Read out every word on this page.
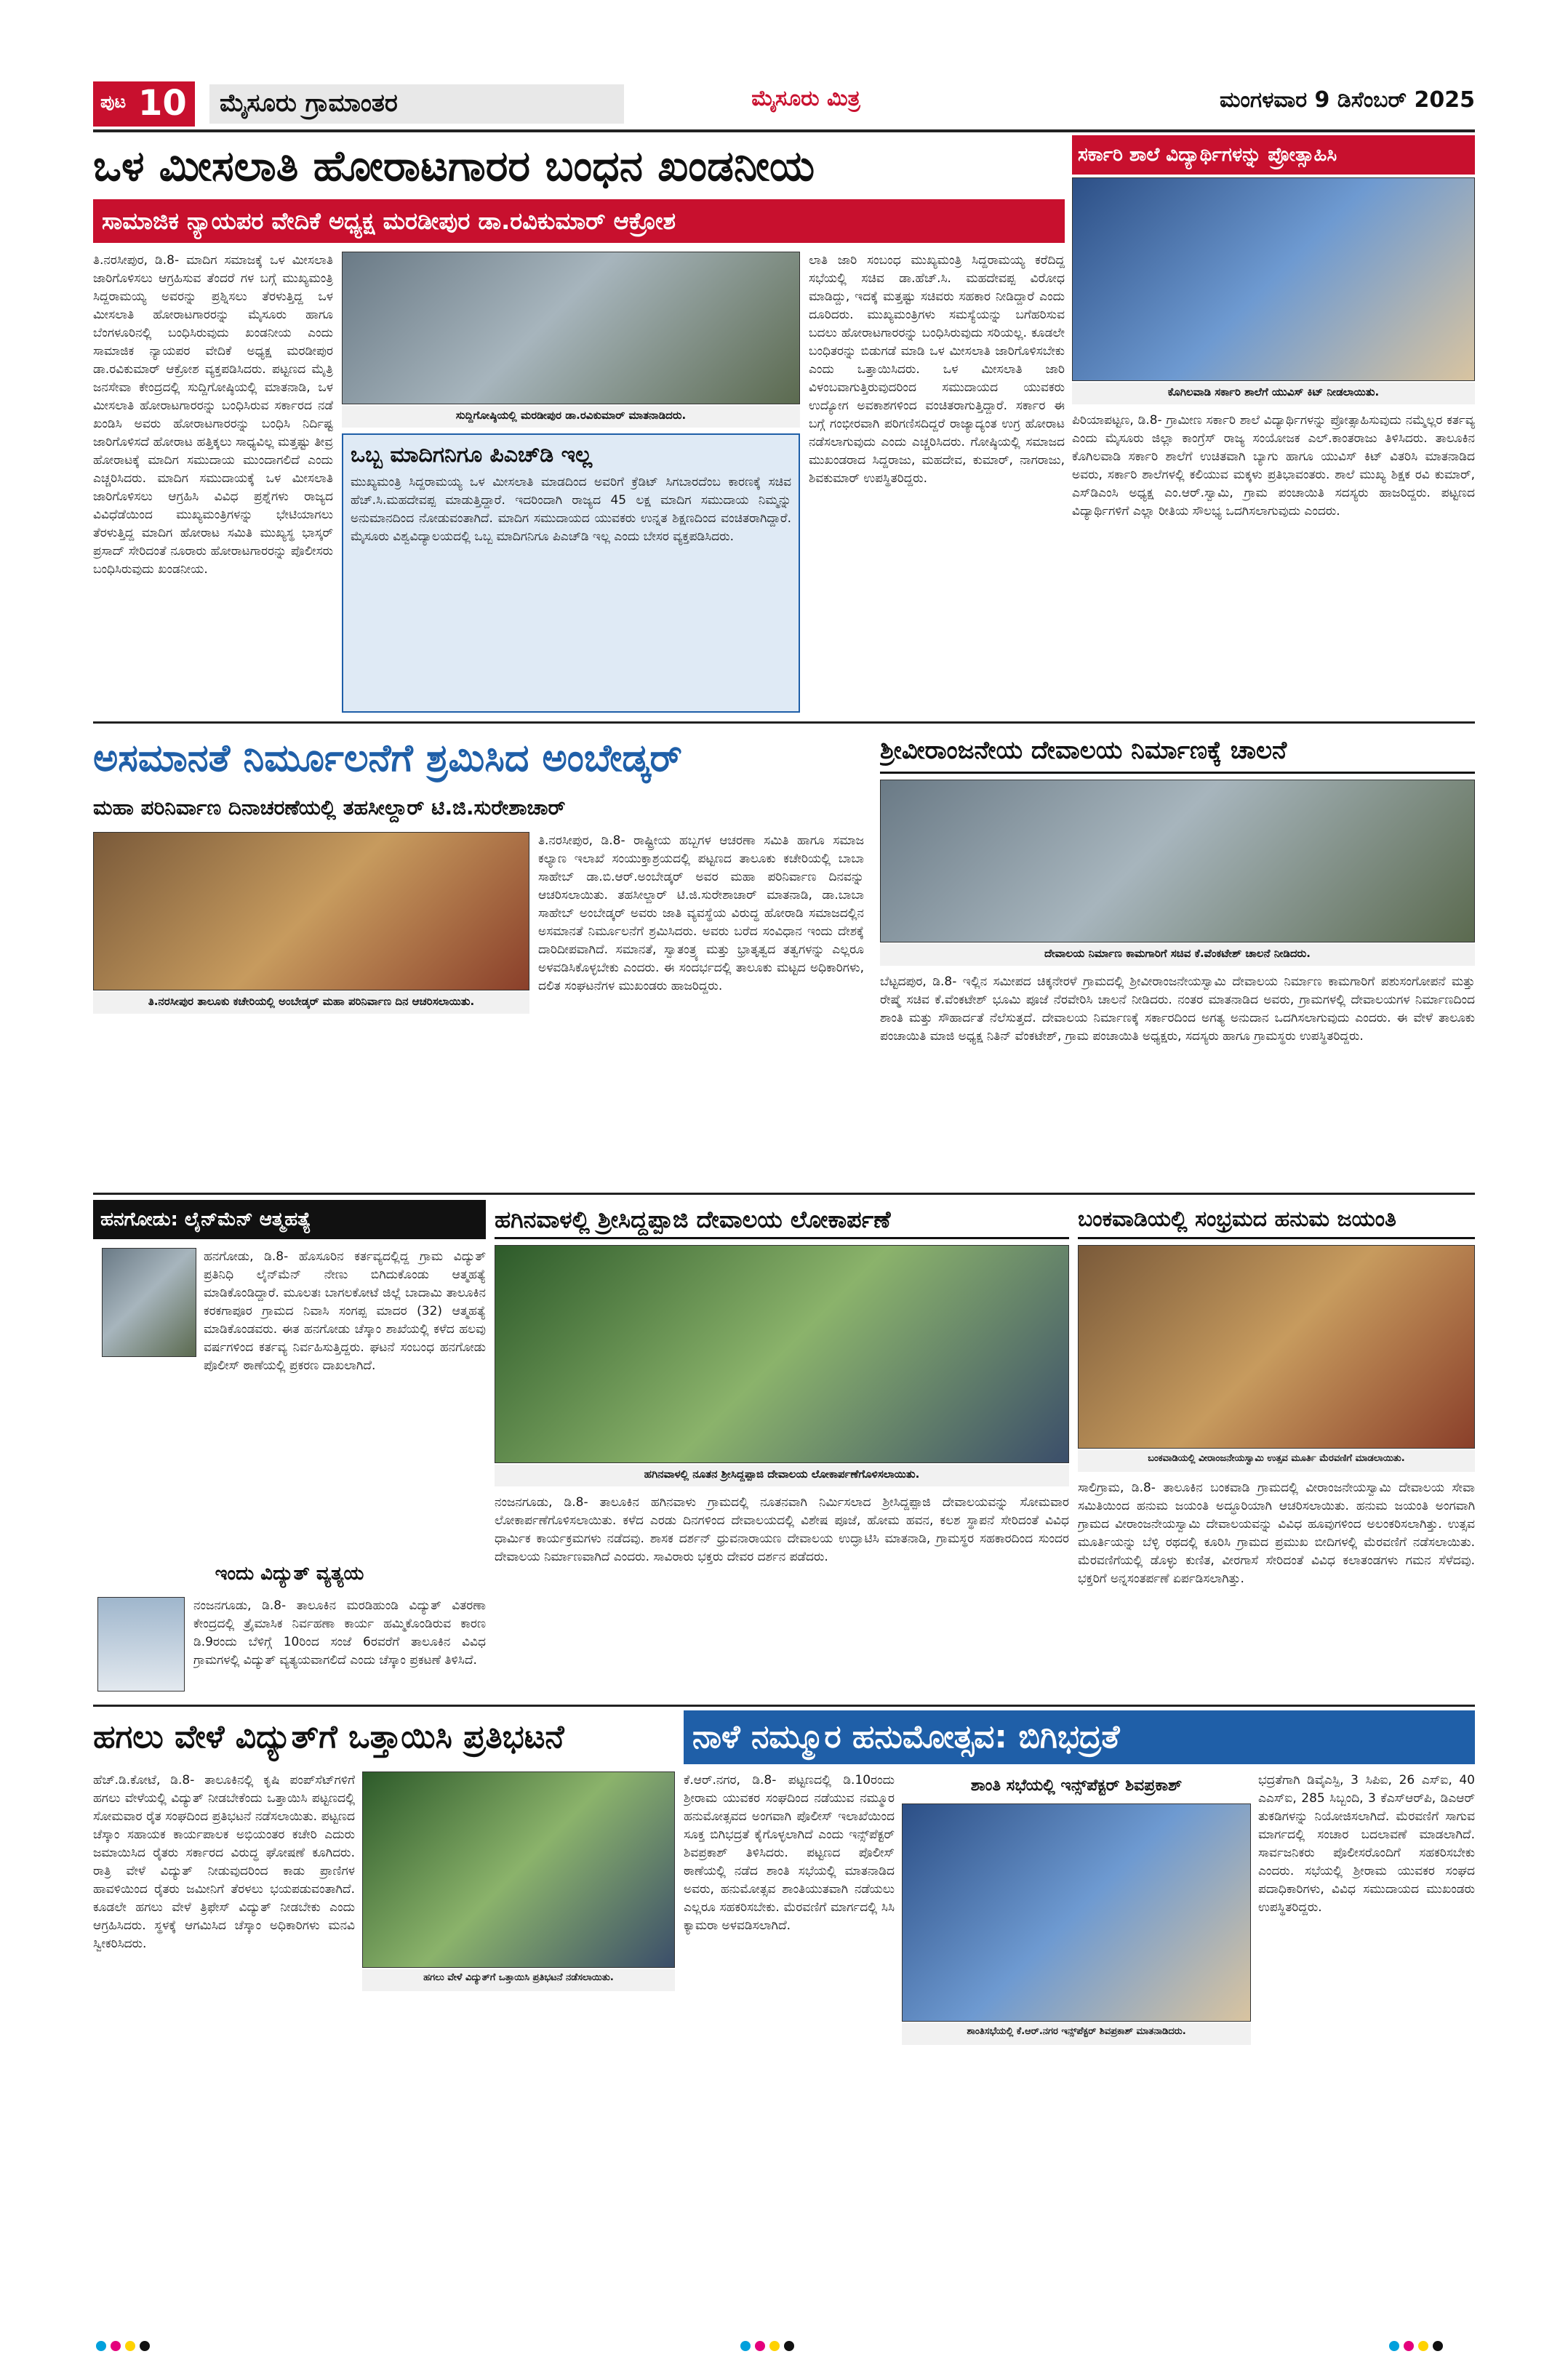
ಪುಟ 10	ಮೈಸೂರು ಗ್ರಾಮಾಂತರ	ಮೈಸೂರು ಮಿತ್ರ	ಮಂಗಳವಾರ 9 ಡಿಸೆಂಬರ್ 2025
ಒಳ ಮೀಸಲಾತಿ ಹೋರಾಟಗಾರರ ಬಂಧನ ಖಂಡನೀಯ
ಸಾಮಾಜಿಕ ನ್ಯಾಯಪರ ವೇದಿಕೆ ಅಧ್ಯಕ್ಷ ಮರಡೀಪುರ ಡಾ.ರವಿಕುಮಾರ್ ಆಕ್ರೋಶ
ತಿ.ನರಸೀಪುರ, ಡಿ.8- ಮಾದಿಗ ಸಮಾಜಕ್ಕೆ ಒಳ ಮೀಸಲಾತಿ ಜಾರಿಗೊಳಿಸಲು ಆಗ್ರಹಿಸುವ ತೆಂದರೆ ಗಳ ಬಗ್ಗೆ ಮುಖ್ಯಮಂತ್ರಿ ಸಿದ್ದರಾಮಯ್ಯ ಅವರನ್ನು ಪ್ರಶ್ನಿಸಲು ತೆರಳುತ್ತಿದ್ದ ಒಳ ಮೀಸಲಾತಿ ಹೋರಾಟಗಾರರನ್ನು ಮೈಸೂರು ಹಾಗೂ ಬೆಂಗಳೂರಿನಲ್ಲಿ ಬಂಧಿಸಿರುವುದು ಖಂಡನೀಯ ಎಂದು ಸಾಮಾಜಿಕ ನ್ಯಾಯಪರ ವೇದಿಕೆ ಅಧ್ಯಕ್ಷ ಮರಡೀಪುರ ಡಾ.ರವಿಕುಮಾರ್ ಆಕ್ರೋಶ ವ್ಯಕ್ತಪಡಿಸಿದರು. ಪಟ್ಟಣದ ಮೈತ್ರಿ ಜನಸೇವಾ ಕೇಂದ್ರದಲ್ಲಿ ಸುದ್ದಿಗೋಷ್ಠಿಯಲ್ಲಿ ಮಾತನಾಡಿ, ಒಳ ಮೀಸಲಾತಿ ಹೋರಾಟಗಾರರನ್ನು ಬಂಧಿಸಿರುವ ಸರ್ಕಾರದ ನಡೆ ಖಂಡಿಸಿ ಅವರು ಹೋರಾಟಗಾರರನ್ನು ಬಂಧಿಸಿ ನಿರ್ದಿಷ್ಟ ಜಾರಿಗೊಳಿಸದೆ ಹೋರಾಟ ಹತ್ತಿಕ್ಕಲು ಸಾಧ್ಯವಿಲ್ಲ ಮತ್ತಷ್ಟು ತೀವ್ರ ಹೋರಾಟಕ್ಕೆ ಮಾದಿಗ ಸಮುದಾಯ ಮುಂದಾಗಲಿದೆ ಎಂದು ಎಚ್ಚರಿಸಿದರು. ಮಾದಿಗ ಸಮುದಾಯಕ್ಕೆ ಒಳ ಮೀಸಲಾತಿ ಜಾರಿಗೊಳಿಸಲು ಆಗ್ರಹಿಸಿ ವಿವಿಧ ಪ್ರಶ್ನೆಗಳು ರಾಜ್ಯದ ವಿವಿಧೆಡೆಯಿಂದ ಮುಖ್ಯಮಂತ್ರಿಗಳನ್ನು ಭೇಟಿಯಾಗಲು ತೆರಳುತ್ತಿದ್ದ ಮಾದಿಗ ಹೋರಾಟ ಸಮಿತಿ ಮುಖ್ಯಸ್ಥ ಭಾಸ್ಕರ್ ಪ್ರಸಾದ್ ಸೇರಿದಂತೆ ನೂರಾರು ಹೋರಾಟಗಾರರನ್ನು ಪೊಲೀಸರು ಬಂಧಿಸಿರುವುದು ಖಂಡನೀಯ.
ಸುದ್ದಿಗೋಷ್ಠಿಯಲ್ಲಿ ಮರಡೀಪುರ ಡಾ.ರವಿಕುಮಾರ್ ಮಾತನಾಡಿದರು.
ಒಬ್ಬ ಮಾದಿಗನಿಗೂ ಪಿಎಚ್‌ಡಿ ಇಲ್ಲ
ಮುಖ್ಯಮಂತ್ರಿ ಸಿದ್ದರಾಮಯ್ಯ ಒಳ ಮೀಸಲಾತಿ ಮಾಡದಿಂದ ಅವರಿಗೆ ಕ್ರೆಡಿಟ್ ಸಿಗಬಾರದೆಂಬ ಕಾರಣಕ್ಕೆ ಸಚಿವ ಹೆಚ್.ಸಿ.ಮಹದೇವಪ್ಪ ಮಾಡುತ್ತಿದ್ದಾರೆ. ಇದರಿಂದಾಗಿ ರಾಜ್ಯದ 45 ಲಕ್ಷ ಮಾದಿಗ ಸಮುದಾಯ ನಿಮ್ಮನ್ನು ಅನುಮಾನದಿಂದ ನೋಡುವಂತಾಗಿದೆ. ಮಾದಿಗ ಸಮುದಾಯದ ಯುವಕರು ಉನ್ನತ ಶಿಕ್ಷಣದಿಂದ ವಂಚಿತರಾಗಿದ್ದಾರೆ. ಮೈಸೂರು ವಿಶ್ವವಿದ್ಯಾಲಯದಲ್ಲಿ ಒಬ್ಬ ಮಾದಿಗನಿಗೂ ಪಿಎಚ್‌ಡಿ ಇಲ್ಲ ಎಂದು ಬೇಸರ ವ್ಯಕ್ತಪಡಿಸಿದರು.
ಲಾತಿ ಜಾರಿ ಸಂಬಂಧ ಮುಖ್ಯಮಂತ್ರಿ ಸಿದ್ದರಾಮಯ್ಯ ಕರೆದಿದ್ದ ಸಭೆಯಲ್ಲಿ ಸಚಿವ ಡಾ.ಹೆಚ್.ಸಿ. ಮಹದೇವಪ್ಪ ವಿರೋಧ ಮಾಡಿದ್ದು, ಇದಕ್ಕೆ ಮತ್ತಷ್ಟು ಸಚಿವರು ಸಹಕಾರ ನೀಡಿದ್ದಾರೆ ಎಂದು ದೂರಿದರು. ಮುಖ್ಯಮಂತ್ರಿಗಳು ಸಮಸ್ಯೆಯನ್ನು ಬಗೆಹರಿಸುವ ಬದಲು ಹೋರಾಟಗಾರರನ್ನು ಬಂಧಿಸಿರುವುದು ಸರಿಯಲ್ಲ. ಕೂಡಲೇ ಬಂಧಿತರನ್ನು ಬಿಡುಗಡೆ ಮಾಡಿ ಒಳ ಮೀಸಲಾತಿ ಜಾರಿಗೊಳಿಸಬೇಕು ಎಂದು ಒತ್ತಾಯಿಸಿದರು. ಒಳ ಮೀಸಲಾತಿ ಜಾರಿ ವಿಳಂಬವಾಗುತ್ತಿರುವುದರಿಂದ ಸಮುದಾಯದ ಯುವಕರು ಉದ್ಯೋಗ ಅವಕಾಶಗಳಿಂದ ವಂಚಿತರಾಗುತ್ತಿದ್ದಾರೆ. ಸರ್ಕಾರ ಈ ಬಗ್ಗೆ ಗಂಭೀರವಾಗಿ ಪರಿಗಣಿಸದಿದ್ದರೆ ರಾಜ್ಯಾದ್ಯಂತ ಉಗ್ರ ಹೋರಾಟ ನಡೆಸಲಾಗುವುದು ಎಂದು ಎಚ್ಚರಿಸಿದರು. ಗೋಷ್ಠಿಯಲ್ಲಿ ಸಮಾಜದ ಮುಖಂಡರಾದ ಸಿದ್ದರಾಜು, ಮಹದೇವ, ಕುಮಾರ್, ನಾಗರಾಜು, ಶಿವಕುಮಾರ್ ಉಪಸ್ಥಿತರಿದ್ದರು.
ಸರ್ಕಾರಿ ಶಾಲೆ ವಿದ್ಯಾರ್ಥಿಗಳನ್ನು ಪ್ರೋತ್ಸಾಹಿಸಿ
ಕೊಗಿಲವಾಡಿ ಸರ್ಕಾರಿ ಶಾಲೆಗೆ ಯುವಿಸ್ ಕಿಟ್ ನೀಡಲಾಯಿತು.
ಪಿರಿಯಾಪಟ್ಟಣ, ಡಿ.8- ಗ್ರಾಮೀಣ ಸರ್ಕಾರಿ ಶಾಲೆ ವಿದ್ಯಾರ್ಥಿಗಳನ್ನು ಪ್ರೋತ್ಸಾಹಿಸುವುದು ನಮ್ಮೆಲ್ಲರ ಕರ್ತವ್ಯ ಎಂದು ಮೈಸೂರು ಜಿಲ್ಲಾ ಕಾಂಗ್ರೆಸ್ ರಾಜ್ಯ ಸಂಯೋಜಕ ಎಲ್.ಕಾಂತರಾಜು ತಿಳಿಸಿದರು. ತಾಲೂಕಿನ ಕೊಗಿಲವಾಡಿ ಸರ್ಕಾರಿ ಶಾಲೆಗೆ ಉಚಿತವಾಗಿ ಬ್ಯಾಗು ಹಾಗೂ ಯುವಿಸ್ ಕಿಟ್ ವಿತರಿಸಿ ಮಾತನಾಡಿದ ಅವರು, ಸರ್ಕಾರಿ ಶಾಲೆಗಳಲ್ಲಿ ಕಲಿಯುವ ಮಕ್ಕಳು ಪ್ರತಿಭಾವಂತರು. ಶಾಲೆ ಮುಖ್ಯ ಶಿಕ್ಷಕ ರವಿ ಕುಮಾರ್, ಎಸ್‌ಡಿಎಂಸಿ ಅಧ್ಯಕ್ಷ ಎಂ.ಆರ್.ಸ್ವಾಮಿ, ಗ್ರಾಮ ಪಂಚಾಯಿತಿ ಸದಸ್ಯರು ಹಾಜರಿದ್ದರು. ಪಟ್ಟಣದ ವಿದ್ಯಾರ್ಥಿಗಳಿಗೆ ಎಲ್ಲಾ ರೀತಿಯ ಸೌಲಭ್ಯ ಒದಗಿಸಲಾಗುವುದು ಎಂದರು.
ಅಸಮಾನತೆ ನಿರ್ಮೂಲನೆಗೆ ಶ್ರಮಿಸಿದ ಅಂಬೇಡ್ಕರ್
ಮಹಾ ಪರಿನಿರ್ವಾಣ ದಿನಾಚರಣೆಯಲ್ಲಿ ತಹಸೀಲ್ದಾರ್ ಟಿ.ಜಿ.ಸುರೇಶಾಚಾರ್
ತಿ.ನರಸೀಪುರ ತಾಲೂಕು ಕಚೇರಿಯಲ್ಲಿ ಅಂಬೇಡ್ಕರ್ ಮಹಾ ಪರಿನಿರ್ವಾಣ ದಿನ ಆಚರಿಸಲಾಯಿತು.
ತಿ.ನರಸೀಪುರ, ಡಿ.8- ರಾಷ್ಟ್ರೀಯ ಹಬ್ಬಗಳ ಆಚರಣಾ ಸಮಿತಿ ಹಾಗೂ ಸಮಾಜ ಕಲ್ಯಾಣ ಇಲಾಖೆ ಸಂಯುಕ್ತಾಶ್ರಯದಲ್ಲಿ ಪಟ್ಟಣದ ತಾಲೂಕು ಕಚೇರಿಯಲ್ಲಿ ಬಾಬಾ ಸಾಹೇಬ್ ಡಾ.ಬಿ.ಆರ್.ಅಂಬೇಡ್ಕರ್ ಅವರ ಮಹಾ ಪರಿನಿರ್ವಾಣ ದಿನವನ್ನು ಆಚರಿಸಲಾಯಿತು. ತಹಸೀಲ್ದಾರ್ ಟಿ.ಜಿ.ಸುರೇಶಾಚಾರ್ ಮಾತನಾಡಿ, ಡಾ.ಬಾಬಾ ಸಾಹೇಬ್ ಅಂಬೇಡ್ಕರ್ ಅವರು ಜಾತಿ ವ್ಯವಸ್ಥೆಯ ವಿರುದ್ಧ ಹೋರಾಡಿ ಸಮಾಜದಲ್ಲಿನ ಅಸಮಾನತೆ ನಿರ್ಮೂಲನೆಗೆ ಶ್ರಮಿಸಿದರು. ಅವರು ಬರೆದ ಸಂವಿಧಾನ ಇಂದು ದೇಶಕ್ಕೆ ದಾರಿದೀಪವಾಗಿದೆ. ಸಮಾನತೆ, ಸ್ವಾತಂತ್ರ್ಯ ಮತ್ತು ಭ್ರಾತೃತ್ವದ ತತ್ವಗಳನ್ನು ಎಲ್ಲರೂ ಅಳವಡಿಸಿಕೊಳ್ಳಬೇಕು ಎಂದರು. ಈ ಸಂದರ್ಭದಲ್ಲಿ ತಾಲೂಕು ಮಟ್ಟದ ಅಧಿಕಾರಿಗಳು, ದಲಿತ ಸಂಘಟನೆಗಳ ಮುಖಂಡರು ಹಾಜರಿದ್ದರು.
ಶ್ರೀವೀರಾಂಜನೇಯ ದೇವಾಲಯ ನಿರ್ಮಾಣಕ್ಕೆ ಚಾಲನೆ
ದೇವಾಲಯ ನಿರ್ಮಾಣ ಕಾಮಗಾರಿಗೆ ಸಚಿವ ಕೆ.ವೆಂಕಟೇಶ್ ಚಾಲನೆ ನೀಡಿದರು.
ಬೆಟ್ಟದಪುರ, ಡಿ.8- ಇಲ್ಲಿನ ಸಮೀಪದ ಚಿಕ್ಕನೇರಳೆ ಗ್ರಾಮದಲ್ಲಿ ಶ್ರೀವೀರಾಂಜನೇಯಸ್ವಾಮಿ ದೇವಾಲಯ ನಿರ್ಮಾಣ ಕಾಮಗಾರಿಗೆ ಪಶುಸಂಗೋಪನೆ ಮತ್ತು ರೇಷ್ಮೆ ಸಚಿವ ಕೆ.ವೆಂಕಟೇಶ್ ಭೂಮಿ ಪೂಜೆ ನೆರವೇರಿಸಿ ಚಾಲನೆ ನೀಡಿದರು. ನಂತರ ಮಾತನಾಡಿದ ಅವರು, ಗ್ರಾಮಗಳಲ್ಲಿ ದೇವಾಲಯಗಳ ನಿರ್ಮಾಣದಿಂದ ಶಾಂತಿ ಮತ್ತು ಸೌಹಾರ್ದತೆ ನೆಲೆಸುತ್ತದೆ. ದೇವಾಲಯ ನಿರ್ಮಾಣಕ್ಕೆ ಸರ್ಕಾರದಿಂದ ಅಗತ್ಯ ಅನುದಾನ ಒದಗಿಸಲಾಗುವುದು ಎಂದರು. ಈ ವೇಳೆ ತಾಲೂಕು ಪಂಚಾಯಿತಿ ಮಾಜಿ ಅಧ್ಯಕ್ಷ ನಿತಿನ್ ವೆಂಕಟೇಶ್, ಗ್ರಾಮ ಪಂಚಾಯಿತಿ ಅಧ್ಯಕ್ಷರು, ಸದಸ್ಯರು ಹಾಗೂ ಗ್ರಾಮಸ್ಥರು ಉಪಸ್ಥಿತರಿದ್ದರು.
ಹನಗೋಡು: ಲೈನ್‌ಮೆನ್ ಆತ್ಮಹತ್ಯೆ
ಹನಗೋಡು, ಡಿ.8- ಹೊಸೂರಿನ ಕರ್ತವ್ಯದಲ್ಲಿದ್ದ ಗ್ರಾಮ ವಿದ್ಯುತ್ ಪ್ರತಿನಿಧಿ ಲೈನ್‌ಮೆನ್ ನೇಣು ಬಿಗಿದುಕೊಂಡು ಆತ್ಮಹತ್ಯೆ ಮಾಡಿಕೊಂಡಿದ್ದಾರೆ. ಮೂಲತಃ ಬಾಗಲಕೋಟೆ ಜಿಲ್ಲೆ ಬಾದಾಮಿ ತಾಲೂಕಿನ ಕರಕಗಾಪೂರ ಗ್ರಾಮದ ನಿವಾಸಿ ಸಂಗಪ್ಪ ಮಾದರ (32) ಆತ್ಮಹತ್ಯೆ ಮಾಡಿಕೊಂಡವರು. ಈತ ಹನಗೋಡು ಚೆಸ್ಕಾಂ ಶಾಖೆಯಲ್ಲಿ ಕಳೆದ ಹಲವು ವರ್ಷಗಳಿಂದ ಕರ್ತವ್ಯ ನಿರ್ವಹಿಸುತ್ತಿದ್ದರು. ಘಟನೆ ಸಂಬಂಧ ಹನಗೋಡು ಪೊಲೀಸ್ ಠಾಣೆಯಲ್ಲಿ ಪ್ರಕರಣ ದಾಖಲಾಗಿದೆ.
ಇಂದು ವಿದ್ಯುತ್ ವ್ಯತ್ಯಯ
ನಂಜನಗೂಡು, ಡಿ.8- ತಾಲೂಕಿನ ಮರಡಿಹುಂಡಿ ವಿದ್ಯುತ್ ವಿತರಣಾ ಕೇಂದ್ರದಲ್ಲಿ ತ್ರೈಮಾಸಿಕ ನಿರ್ವಹಣಾ ಕಾರ್ಯ ಹಮ್ಮಿಕೊಂಡಿರುವ ಕಾರಣ ಡಿ.9ರಂದು ಬೆಳಿಗ್ಗೆ 10ರಿಂದ ಸಂಜೆ 6ರವರೆಗೆ ತಾಲೂಕಿನ ವಿವಿಧ ಗ್ರಾಮಗಳಲ್ಲಿ ವಿದ್ಯುತ್ ವ್ಯತ್ಯಯವಾಗಲಿದೆ ಎಂದು ಚೆಸ್ಕಾಂ ಪ್ರಕಟಣೆ ತಿಳಿಸಿದೆ.
ಹಗಿನವಾಳಲ್ಲಿ ಶ್ರೀಸಿದ್ದಪ್ಪಾಜಿ ದೇವಾಲಯ ಲೋಕಾರ್ಪಣೆ
ಹಗಿನವಾಳಲ್ಲಿ ನೂತನ ಶ್ರೀಸಿದ್ದಪ್ಪಾಜಿ ದೇವಾಲಯ ಲೋಕಾರ್ಪಣೆಗೊಳಿಸಲಾಯಿತು.
ನಂಜನಗೂಡು, ಡಿ.8- ತಾಲೂಕಿನ ಹಗಿನವಾಳು ಗ್ರಾಮದಲ್ಲಿ ನೂತನವಾಗಿ ನಿರ್ಮಿಸಲಾದ ಶ್ರೀಸಿದ್ದಪ್ಪಾಜಿ ದೇವಾಲಯವನ್ನು ಸೋಮವಾರ ಲೋಕಾರ್ಪಣೆಗೊಳಿಸಲಾಯಿತು. ಕಳೆದ ಎರಡು ದಿನಗಳಿಂದ ದೇವಾಲಯದಲ್ಲಿ ವಿಶೇಷ ಪೂಜೆ, ಹೋಮ ಹವನ, ಕಲಶ ಸ್ಥಾಪನೆ ಸೇರಿದಂತೆ ವಿವಿಧ ಧಾರ್ಮಿಕ ಕಾರ್ಯಕ್ರಮಗಳು ನಡೆದವು. ಶಾಸಕ ದರ್ಶನ್ ಧ್ರುವನಾರಾಯಣ ದೇವಾಲಯ ಉದ್ಘಾಟಿಸಿ ಮಾತನಾಡಿ, ಗ್ರಾಮಸ್ಥರ ಸಹಕಾರದಿಂದ ಸುಂದರ ದೇವಾಲಯ ನಿರ್ಮಾಣವಾಗಿದೆ ಎಂದರು. ಸಾವಿರಾರು ಭಕ್ತರು ದೇವರ ದರ್ಶನ ಪಡೆದರು.
ಬಂಕವಾಡಿಯಲ್ಲಿ ಸಂಭ್ರಮದ ಹನುಮ ಜಯಂತಿ
ಬಂಕವಾಡಿಯಲ್ಲಿ ವೀರಾಂಜನೇಯಸ್ವಾಮಿ ಉತ್ಸವ ಮೂರ್ತಿ ಮೆರವಣಿಗೆ ಮಾಡಲಾಯಿತು.
ಸಾಲಿಗ್ರಾಮ, ಡಿ.8- ತಾಲೂಕಿನ ಬಂಕವಾಡಿ ಗ್ರಾಮದಲ್ಲಿ ವೀರಾಂಜನೇಯಸ್ವಾಮಿ ದೇವಾಲಯ ಸೇವಾ ಸಮಿತಿಯಿಂದ ಹನುಮ ಜಯಂತಿ ಅದ್ಧೂರಿಯಾಗಿ ಆಚರಿಸಲಾಯಿತು. ಹನುಮ ಜಯಂತಿ ಅಂಗವಾಗಿ ಗ್ರಾಮದ ವೀರಾಂಜನೇಯಸ್ವಾಮಿ ದೇವಾಲಯವನ್ನು ವಿವಿಧ ಹೂವುಗಳಿಂದ ಅಲಂಕರಿಸಲಾಗಿತ್ತು. ಉತ್ಸವ ಮೂರ್ತಿಯನ್ನು ಬೆಳ್ಳಿ ರಥದಲ್ಲಿ ಕೂರಿಸಿ ಗ್ರಾಮದ ಪ್ರಮುಖ ಬೀದಿಗಳಲ್ಲಿ ಮೆರವಣಿಗೆ ನಡೆಸಲಾಯಿತು. ಮೆರವಣಿಗೆಯಲ್ಲಿ ಡೊಳ್ಳು ಕುಣಿತ, ವೀರಗಾಸೆ ಸೇರಿದಂತೆ ವಿವಿಧ ಕಲಾತಂಡಗಳು ಗಮನ ಸೆಳೆದವು. ಭಕ್ತರಿಗೆ ಅನ್ನಸಂತರ್ಪಣೆ ಏರ್ಪಡಿಸಲಾಗಿತ್ತು.
ಹಗಲು ವೇಳೆ ವಿದ್ಯುತ್‌ಗೆ ಒತ್ತಾಯಿಸಿ ಪ್ರತಿಭಟನೆ
ಹೆಚ್.ಡಿ.ಕೋಟೆ, ಡಿ.8- ತಾಲೂಕಿನಲ್ಲಿ ಕೃಷಿ ಪಂಪ್‌ಸೆಟ್‌ಗಳಿಗೆ ಹಗಲು ವೇಳೆಯಲ್ಲಿ ವಿದ್ಯುತ್ ನೀಡಬೇಕೆಂದು ಒತ್ತಾಯಿಸಿ ಪಟ್ಟಣದಲ್ಲಿ ಸೋಮವಾರ ರೈತ ಸಂಘದಿಂದ ಪ್ರತಿಭಟನೆ ನಡೆಸಲಾಯಿತು. ಪಟ್ಟಣದ ಚೆಸ್ಕಾಂ ಸಹಾಯಕ ಕಾರ್ಯಪಾಲಕ ಅಭಿಯಂತರ ಕಚೇರಿ ಎದುರು ಜಮಾಯಿಸಿದ ರೈತರು ಸರ್ಕಾರದ ವಿರುದ್ಧ ಘೋಷಣೆ ಕೂಗಿದರು. ರಾತ್ರಿ ವೇಳೆ ವಿದ್ಯುತ್ ನೀಡುವುದರಿಂದ ಕಾಡು ಪ್ರಾಣಿಗಳ ಹಾವಳಿಯಿಂದ ರೈತರು ಜಮೀನಿಗೆ ತೆರಳಲು ಭಯಪಡುವಂತಾಗಿದೆ. ಕೂಡಲೇ ಹಗಲು ವೇಳೆ ತ್ರಿಫೇಸ್ ವಿದ್ಯುತ್ ನೀಡಬೇಕು ಎಂದು ಆಗ್ರಹಿಸಿದರು. ಸ್ಥಳಕ್ಕೆ ಆಗಮಿಸಿದ ಚೆಸ್ಕಾಂ ಅಧಿಕಾರಿಗಳು ಮನವಿ ಸ್ವೀಕರಿಸಿದರು.
ಹಗಲು ವೇಳೆ ವಿದ್ಯುತ್‌ಗೆ ಒತ್ತಾಯಿಸಿ ಪ್ರತಿಭಟನೆ ನಡೆಸಲಾಯಿತು.
ನಾಳೆ ನಮ್ಮೂರ ಹನುಮೋತ್ಸವ: ಬಿಗಿಭದ್ರತೆ
ಕೆ.ಆರ್.ನಗರ, ಡಿ.8- ಪಟ್ಟಣದಲ್ಲಿ ಡಿ.10ರಂದು ಶ್ರೀರಾಮ ಯುವಕರ ಸಂಘದಿಂದ ನಡೆಯುವ ನಮ್ಮೂರ ಹನುಮೋತ್ಸವದ ಅಂಗವಾಗಿ ಪೊಲೀಸ್ ಇಲಾಖೆಯಿಂದ ಸೂಕ್ತ ಬಿಗಿಭದ್ರತೆ ಕೈಗೊಳ್ಳಲಾಗಿದೆ ಎಂದು ಇನ್ಸ್‌ಪೆಕ್ಟರ್ ಶಿವಪ್ರಕಾಶ್ ತಿಳಿಸಿದರು. ಪಟ್ಟಣದ ಪೊಲೀಸ್ ಠಾಣೆಯಲ್ಲಿ ನಡೆದ ಶಾಂತಿ ಸಭೆಯಲ್ಲಿ ಮಾತನಾಡಿದ ಅವರು, ಹನುಮೋತ್ಸವ ಶಾಂತಿಯುತವಾಗಿ ನಡೆಯಲು ಎಲ್ಲರೂ ಸಹಕರಿಸಬೇಕು. ಮೆರವಣಿಗೆ ಮಾರ್ಗದಲ್ಲಿ ಸಿಸಿ ಕ್ಯಾಮರಾ ಅಳವಡಿಸಲಾಗಿದೆ.
ಶಾಂತಿ ಸಭೆಯಲ್ಲಿ ಇನ್ಸ್‌ಪೆಕ್ಟರ್ ಶಿವಪ್ರಕಾಶ್
ಶಾಂತಿಸಭೆಯಲ್ಲಿ ಕೆ.ಆರ್.ನಗರ ಇನ್ಸ್‌ಪೆಕ್ಟರ್ ಶಿವಪ್ರಕಾಶ್ ಮಾತನಾಡಿದರು.
ಭದ್ರತೆಗಾಗಿ ಡಿವೈಎಸ್ಪಿ, 3 ಸಿಪಿಐ, 26 ಎಸ್‌ಐ, 40 ಎಎಸ್‌ಐ, 285 ಸಿಬ್ಬಂದಿ, 3 ಕೆಎಸ್‌ಆರ್‌ಪಿ, ಡಿಎಆರ್ ತುಕಡಿಗಳನ್ನು ನಿಯೋಜಿಸಲಾಗಿದೆ. ಮೆರವಣಿಗೆ ಸಾಗುವ ಮಾರ್ಗದಲ್ಲಿ ಸಂಚಾರ ಬದಲಾವಣೆ ಮಾಡಲಾಗಿದೆ. ಸಾರ್ವಜನಿಕರು ಪೊಲೀಸರೊಂದಿಗೆ ಸಹಕರಿಸಬೇಕು ಎಂದರು. ಸಭೆಯಲ್ಲಿ ಶ್ರೀರಾಮ ಯುವಕರ ಸಂಘದ ಪದಾಧಿಕಾರಿಗಳು, ವಿವಿಧ ಸಮುದಾಯದ ಮುಖಂಡರು ಉಪಸ್ಥಿತರಿದ್ದರು.
